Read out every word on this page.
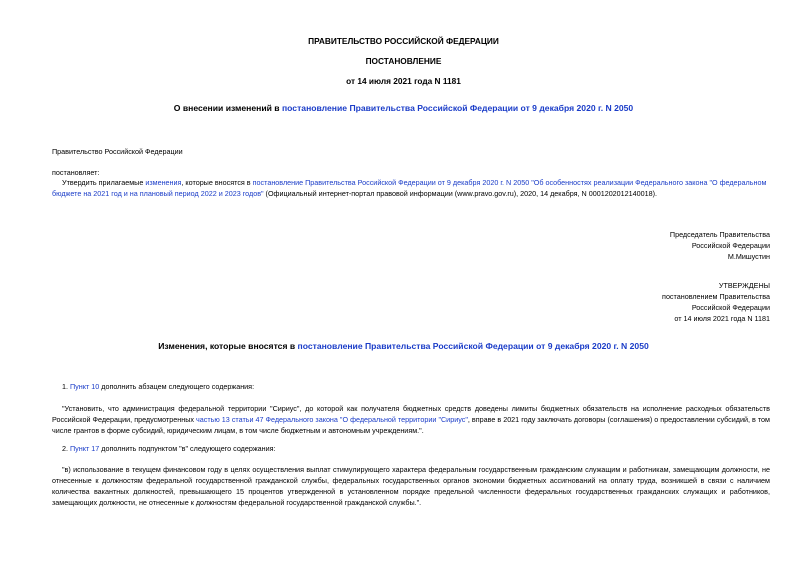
ПРАВИТЕЛЬСТВО РОССИЙСКОЙ ФЕДЕРАЦИИ
ПОСТАНОВЛЕНИЕ
от 14 июля 2021 года N 1181
О внесении изменений в постановление Правительства Российской Федерации от 9 декабря 2020 г. N 2050
Правительство Российской Федерации
постановляет:
Утвердить прилагаемые изменения, которые вносятся в постановление Правительства Российской Федерации от 9 декабря 2020 г. N 2050 "Об особенностях реализации Федерального закона "О федеральном бюджете на 2021 год и на плановый период 2022 и 2023 годов" (Официальный интернет-портал правовой информации (www.pravo.gov.ru), 2020, 14 декабря, N 0001202012140018).
Председатель Правительства
Российской Федерации
М.Мишустин
УТВЕРЖДЕНЫ
постановлением Правительства
Российской Федерации
от 14 июля 2021 года N 1181
Изменения, которые вносятся в постановление Правительства Российской Федерации от 9 декабря 2020 г. N 2050
1. Пункт 10 дополнить абзацем следующего содержания:
"Установить, что администрация федеральной территории "Сириус", до которой как получателя бюджетных средств доведены лимиты бюджетных обязательств на исполнение расходных обязательств Российской Федерации, предусмотренных частью 13 статьи 47 Федерального закона "О федеральной территории "Сириус", вправе в 2021 году заключать договоры (соглашения) о предоставлении субсидий, в том числе грантов в форме субсидий, юридическим лицам, в том числе бюджетным и автономным учреждениям.".
2. Пункт 17 дополнить подпунктом "в" следующего содержания:
"в) использование в текущем финансовом году в целях осуществления выплат стимулирующего характера федеральным государственным гражданским служащим и работникам, замещающим должности, не отнесенные к должностям федеральной государственной гражданской службы, федеральных государственных органов экономии бюджетных ассигнований на оплату труда, возникшей в связи с наличием количества вакантных должностей, превышающего 15 процентов утвержденной в установленном порядке предельной численности федеральных государственных гражданских служащих и работников, замещающих должности, не отнесенные к должностям федеральной государственной гражданской службы.".
